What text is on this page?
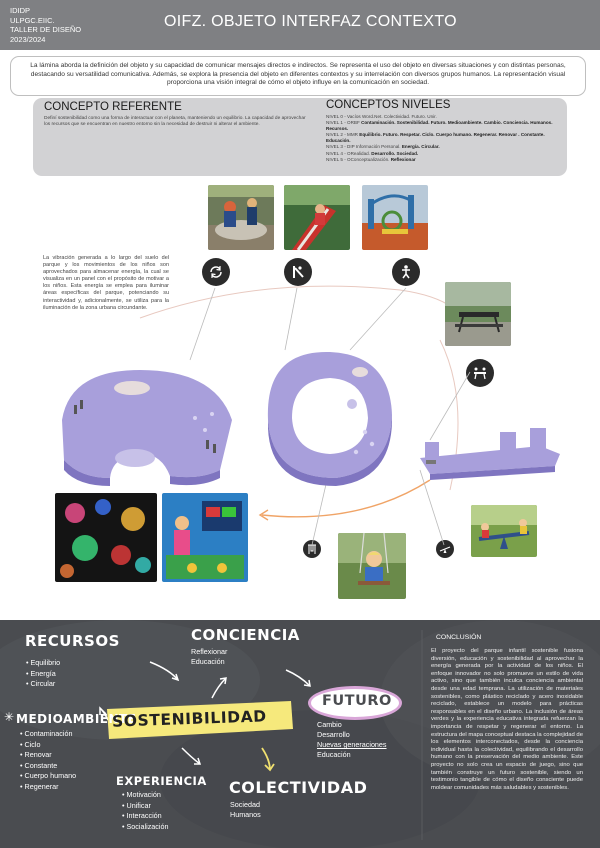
IDIDP
ULPGC.EIIC.
TALLER DE DISEÑO
2023/2024
OIFZ. OBJETO INTERFAZ CONTEXTO
La lámina aborda la definición del objeto y su capacidad de comunicar mensajes directos e indirectos. Se representa el uso del objeto en diversas situaciones y con distintas personas, destacando su versatilidad comunicativa. Además, se explora la presencia del objeto en diferentes contextos y su interrelación con diversos grupos humanos. La representación visual proporciona una visión integral de cómo el objeto influye en la comunicación en sociedad.
CONCEPTO REFERENTE
Definí sostenibilidad como una forma de interactuar con el planeta, manteniendo un equilibrio. La capacidad de aprovechar los recursos que se encuentran en nuestro entorno sin la necesidad de destruir ni alterar el ambiente.
CONCEPTOS NIVELES
NIVEL 0 - Vacíos Word.Net. Colectividad. Futuro. Unir.
NIVEL 1 - ORBF Contaminación. Sostenibilidad. Futuro. Medioambiente. Cambio. Conciencia. Humanos. Recursos.
NIVEL 2 - MMR Equilibrio. Futuro. Respetar. Ciclo. Cuerpo humano. Regenerar. Renovar . Constante. Educación.
NIVEL 3 - DIP Información Personal. Energía. Circular.
NIVEL 4 - ORealidad. Desarrollo. Sociedad.
NIVEL 5 - OConceptualización. Reflexionar
La vibración generada a lo largo del suelo del parque y los movimientos de los niños son aprovechados para almacenar energía, la cual se visualiza en un panel con el propósito de motivar a los niños. Esta energía se emplea para iluminar áreas específicas del parque, potenciando su interactividad y, adicionalmente, se utiliza para la iluminación de la zona urbana circundante.
RECURSOS
• Equilibrio
• Energía
• Circular
CONCIENCIA
Reflexionar
Educación
✳ MEDIOAMBIENTE
• Contaminación
• Ciclo
• Renovar
• Constante
• Cuerpo humano
• Regenerar
SOSTENIBILIDAD
FUTURO
Cambio
Desarrollo
Nuevas generaciones
Educación
EXPERIENCIA
• Motivación
• Unificar
• Interacción
• Socialización
COLECTIVIDAD
Sociedad
Humanos
CONCLUSIÓN
El proyecto del parque infantil sostenible fusiona diversión, educación y sostenibilidad al aprovechar la energía generada por la actividad de los niños. El enfoque innovador no solo promueve un estilo de vida activo, sino que también inculca conciencia ambiental desde una edad temprana. La utilización de materiales sostenibles, como plástico reciclado y acero inoxidable reciclado, establece un modelo para prácticas responsables en el diseño urbano. La inclusión de áreas verdes y la experiencia educativa integrada refuerzan la importancia de respetar y regenerar el entorno. La estructura del mapa conceptual destaca la complejidad de los elementos interconectados, desde la conciencia individual hasta la colectividad, equilibrando el desarrollo humano con la preservación del medio ambiente. Este proyecto no solo crea un espacio de juego, sino que también construye un futuro sostenible, siendo un testimonio tangible de cómo el diseño consciente puede moldear comunidades más saludables y sostenibles.
